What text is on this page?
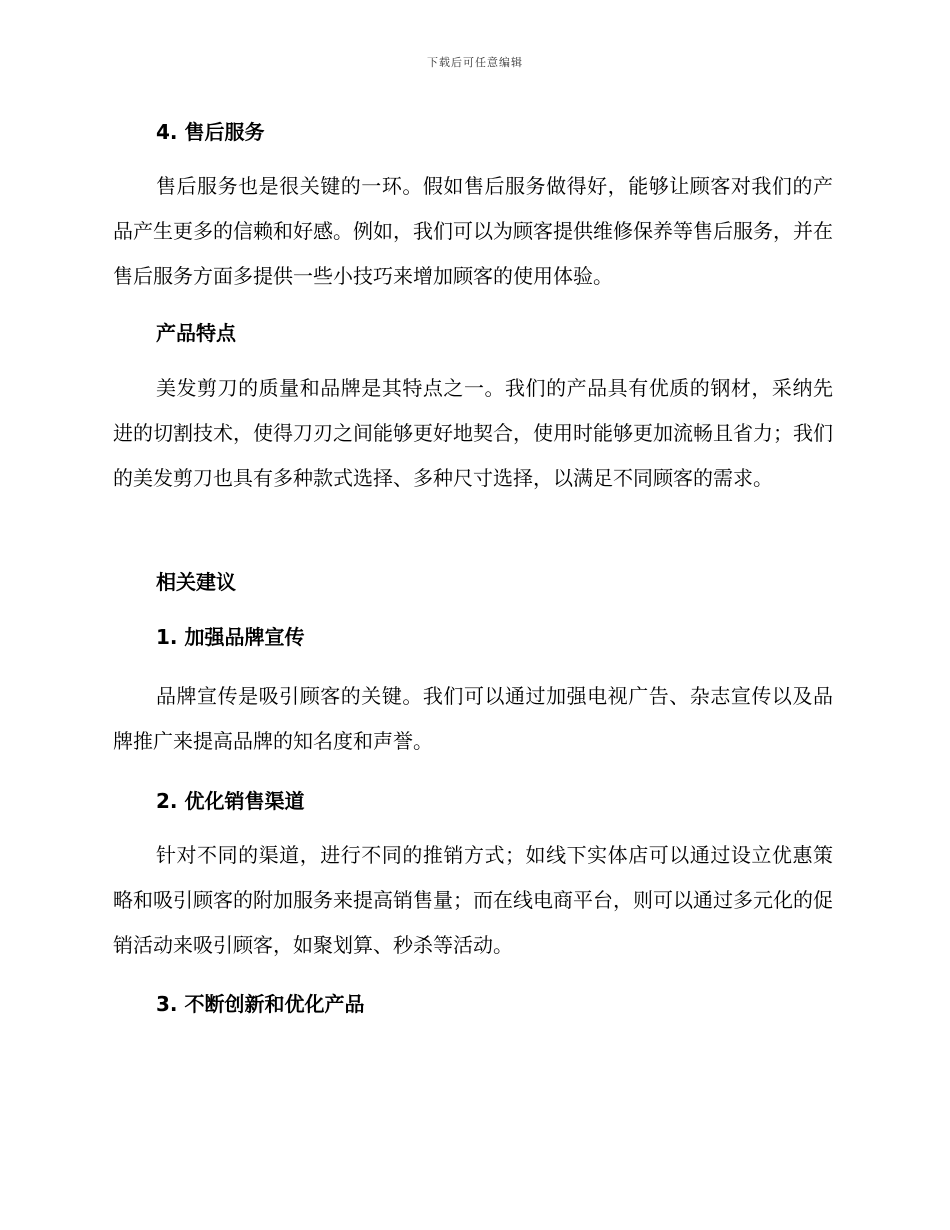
下载后可任意编辑
4. 售后服务

售后服务也是很关键的一环。假如售后服务做得好，能够让顾客对我们的产品产生更多的信赖和好感。例如，我们可以为顾客提供维修保养等售后服务，并在售后服务方面多提供一些小技巧来增加顾客的使用体验。

产品特点

美发剪刀的质量和品牌是其特点之一。我们的产品具有优质的钢材，采纳先进的切割技术，使得刀刃之间能够更好地契合，使用时能够更加流畅且省力；我们的美发剪刀也具有多种款式选择、多种尺寸选择，以满足不同顾客的需求。

相关建议
1. 加强品牌宣传

品牌宣传是吸引顾客的关键。我们可以通过加强电视广告、杂志宣传以及品牌推广来提高品牌的知名度和声誉。

2. 优化销售渠道

针对不同的渠道，进行不同的推销方式；如线下实体店可以通过设立优惠策略和吸引顾客的附加服务来提高销售量；而在线电商平台，则可以通过多元化的促销活动来吸引顾客，如聚划算、秒杀等活动。

3. 不断创新和优化产品
